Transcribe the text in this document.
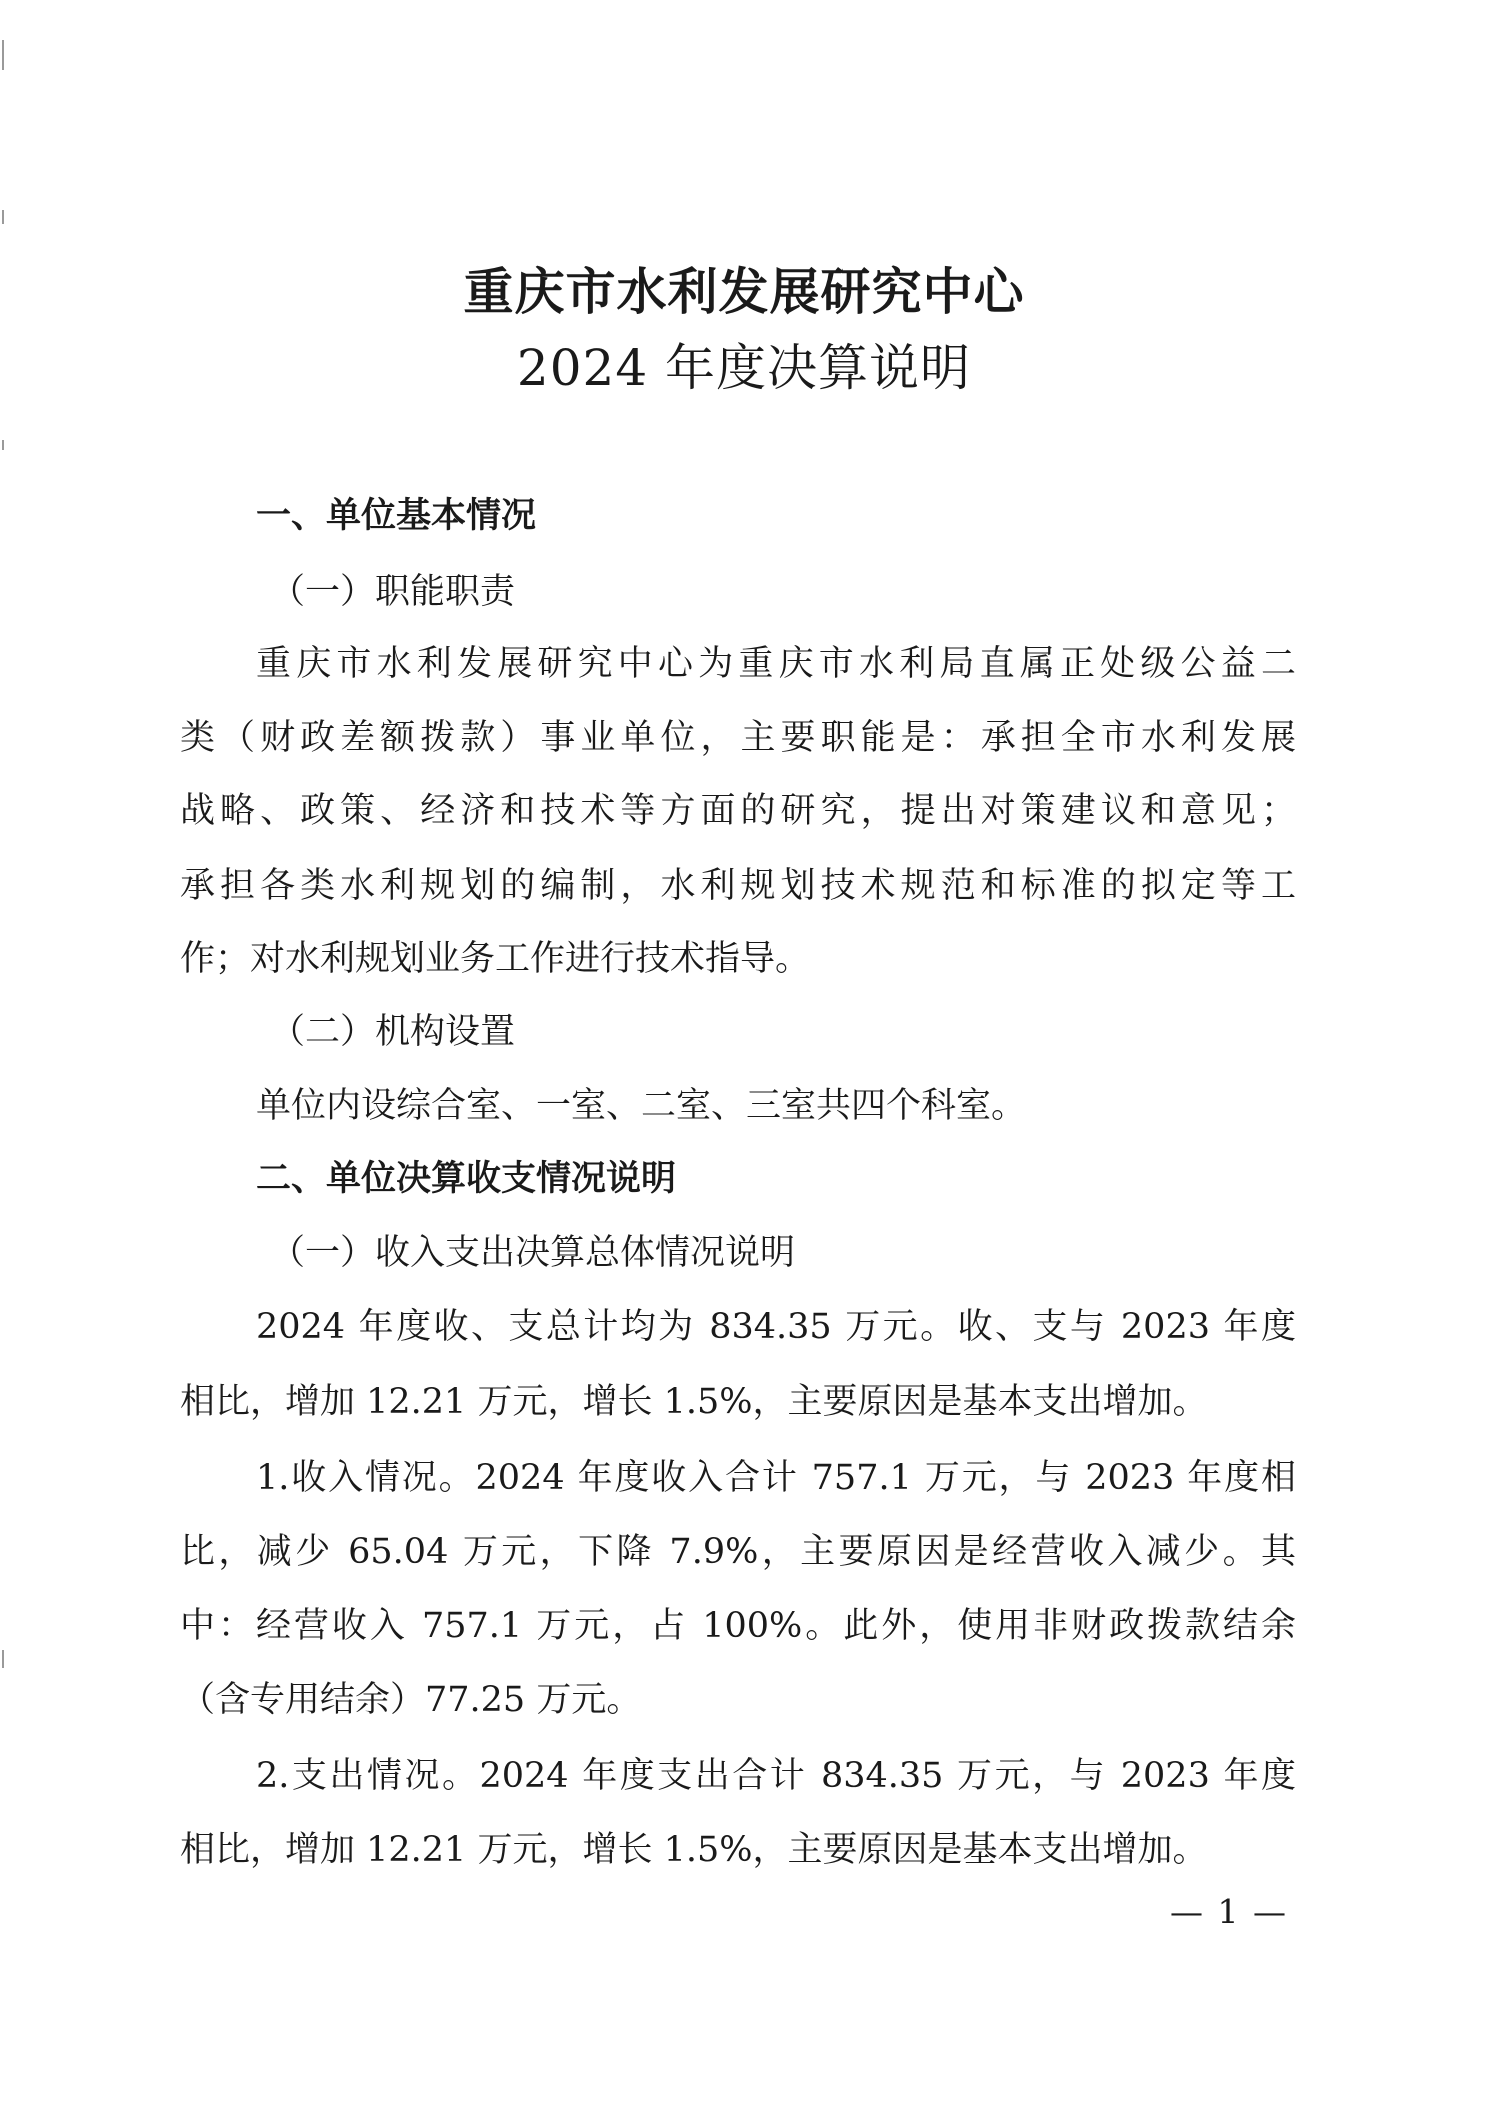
重庆市水利发展研究中心
2024 年度决算说明
一、单位基本情况
（一）职能职责
重庆市水利发展研究中心为重庆市水利局直属正处级公益二
类（财政差额拨款）事业单位，主要职能是：承担全市水利发展
战略、政策、经济和技术等方面的研究，提出对策建议和意见；
承担各类水利规划的编制，水利规划技术规范和标准的拟定等工
作；对水利规划业务工作进行技术指导。
（二）机构设置
单位内设综合室、一室、二室、三室共四个科室。
二、单位决算收支情况说明
（一）收入支出决算总体情况说明
2024 年度收、支总计均为 834.35 万元。收、支与 2023 年度
相比，增加 12.21 万元，增长 1.5%，主要原因是基本支出增加。
1.收入情况。2024 年度收入合计 757.1 万元，与 2023 年度相
比，减少 65.04 万元，下降 7.9%，主要原因是经营收入减少。其
中：经营收入 757.1 万元，占 100%。此外，使用非财政拨款结余
（含专用结余）77.25 万元。
2.支出情况。2024 年度支出合计 834.35 万元，与 2023 年度
相比，增加 12.21 万元，增长 1.5%，主要原因是基本支出增加。
— 1 —
